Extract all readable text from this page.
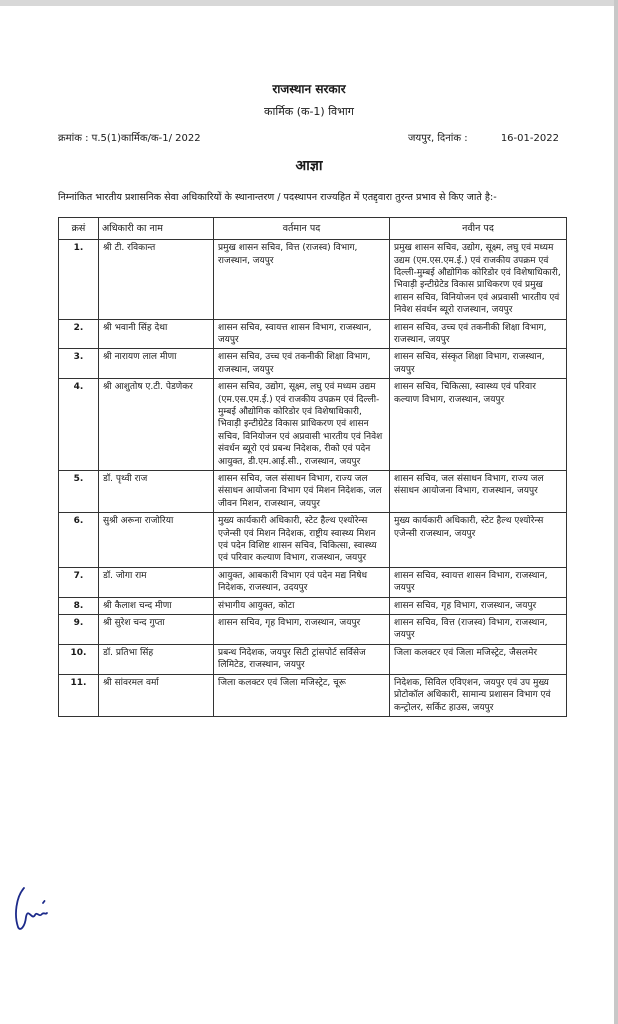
राजस्थान सरकार
कार्मिक (क-1) विभाग
क्रमांक : प.5(1)कार्मिक/क-1/ 2022	जयपुर, दिनांक :	16-01-2022
आज्ञा
निम्नांकित भारतीय प्रशासनिक सेवा अधिकारियों के स्थानान्तरण / पदस्थापन राज्यहित में एतद्द्वारा तुरन्त प्रभाव से किए जाते है:-
क्रसं	अधिकारी का नाम	वर्तमान पद	नवीन पद
1.	श्री टी. रविकान्त	प्रमुख शासन सचिव, वित्त (राजस्व) विभाग, राजस्थान, जयपुर	प्रमुख शासन सचिव, उद्योग, सूक्ष्म, लघु एवं मध्यम उद्यम (एम.एस.एम.ई.) एवं राजकीय उपक्रम एवं दिल्ली-मुम्बई औद्योगिक कोरिडोर एवं विशेषाधिकारी, भिवाड़ी इन्टीग्रेटेड विकास प्राधिकरण एवं प्रमुख शासन सचिव, विनियोजन एवं अप्रवासी भारतीय एवं निवेश संवर्धन ब्यूरो राजस्थान, जयपुर
2.	श्री भवानी सिंह देथा	शासन सचिव, स्वायत्त शासन विभाग, राजस्थान, जयपुर	शासन सचिव, उच्च एवं तकनीकी शिक्षा विभाग, राजस्थान, जयपुर
3.	श्री नारायण लाल मीणा	शासन सचिव, उच्च एवं तकनीकी शिक्षा विभाग, राजस्थान, जयपुर	शासन सचिव, संस्कृत शिक्षा विभाग, राजस्थान, जयपुर
4.	श्री आशुतोष ए.टी. पेडणेकर	शासन सचिव, उद्योग, सूक्ष्म, लघु एवं मध्यम उद्यम (एम.एस.एम.ई.) एवं राजकीय उपक्रम एवं दिल्ली-मुम्बई औद्योगिक कोरिडोर एवं विशेषाधिकारी, भिवाड़ी इन्टीग्रेटेड विकास प्राधिकरण एवं शासन सचिव, विनियोजन एवं अप्रवासी भारतीय एवं निवेश संवर्धन ब्यूरो एवं प्रबन्ध निदेशक, रीको एवं पदेन आयुक्त, डी.एम.आई.सी., राजस्थान, जयपुर	शासन सचिव, चिकित्सा, स्वास्थ्य एवं परिवार कल्याण विभाग, राजस्थान, जयपुर
5.	डॉ. पृथ्वी राज	शासन सचिव, जल संसाधन विभाग, राज्य जल संसाधन आयोजना विभाग एवं मिशन निदेशक, जल जीवन मिशन, राजस्थान, जयपुर	शासन सचिव, जल संसाधन विभाग, राज्य जल संसाधन आयोजना विभाग, राजस्थान, जयपुर
6.	सुश्री अरूना राजोरिया	मुख्य कार्यकारी अधिकारी, स्टेट हैल्थ एश्योरेन्स एजेन्सी एवं मिशन निदेशक, राष्ट्रीय स्वास्थ्य मिशन एवं पदेन विशिष्ट शासन सचिव, चिकित्सा, स्वास्थ्य एवं परिवार कल्याण विभाग, राजस्थान, जयपुर	मुख्य कार्यकारी अधिकारी, स्टेट हैल्थ एश्योरेन्स एजेन्सी राजस्थान, जयपुर
7.	डॉ. जोगा राम	आयुक्त, आबकारी विभाग एवं पदेन मद्य निषेध निदेशक, राजस्थान, उदयपुर	शासन सचिव, स्वायत्त शासन विभाग, राजस्थान, जयपुर
8.	श्री कैलाश चन्द मीणा	संभागीय आयुक्त, कोटा	शासन सचिव, गृह विभाग, राजस्थान, जयपुर
9.	श्री सुरेश चन्द गुप्ता	शासन सचिव, गृह विभाग, राजस्थान, जयपुर	शासन सचिव, वित्त (राजस्व) विभाग, राजस्थान, जयपुर
10.	डॉ. प्रतिभा सिंह	प्रबन्ध निदेशक, जयपुर सिटी ट्रांसपोर्ट सर्विसेज लिमिटेड, राजस्थान, जयपुर	जिला कलक्टर एवं जिला मजिस्ट्रेट, जैसलमेर
11.	श्री सांवरमल वर्मा	जिला कलक्टर एवं जिला मजिस्ट्रेट, चूरू	निदेशक, सिविल एविएशन, जयपुर एवं उप मुख्य प्रोटोकॉल अधिकारी, सामान्य प्रशासन विभाग एवं कन्ट्रोलर, सर्किट हाउस, जयपुर
